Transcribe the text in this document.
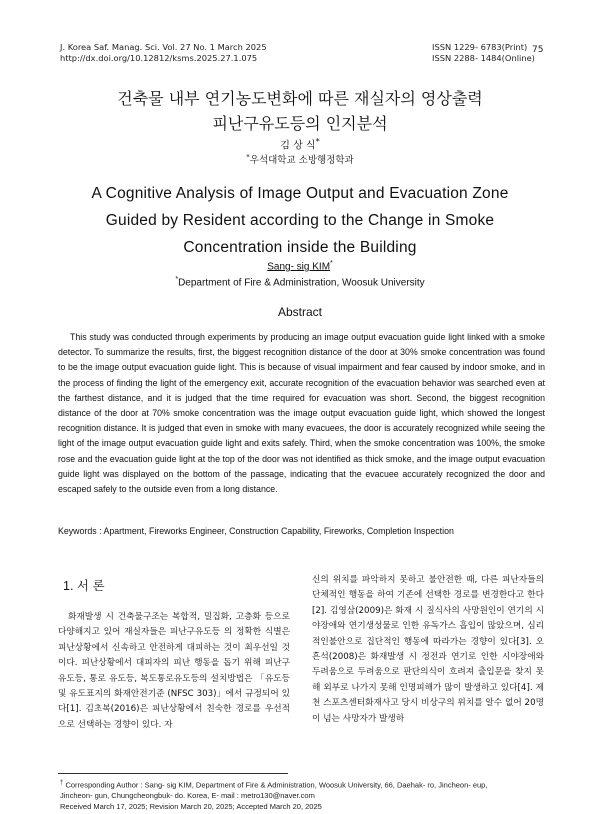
J. Korea Saf. Manag. Sci. Vol. 27 No. 1 March 2025
http://dx.doi.org/10.12812/ksms.2025.27.1.075
ISSN 1229- 6783(Print)
ISSN 2288- 1484(Online)
75
건축물 내부 연기농도변화에 따른 재실자의 영상출력
피난구유도등의 인지분석
김 상 식*
*우석대학교 소방행정학과
A Cognitive Analysis of Image Output and Evacuation Zone
Guided by Resident according to the Change in Smoke
Concentration inside the Building
Sang- sig KIM*
*Department of Fire & Administration, Woosuk University
Abstract

This study was conducted through experiments by producing an image output evacuation guide light linked with a smoke detector. To summarize the results, first, the biggest recognition distance of the door at 30% smoke concentration was found to be the image output evacuation guide light. This is because of visual impairment and fear caused by indoor smoke, and in the process of finding the light of the emergency exit, accurate recognition of the evacuation behavior was searched even at the farthest distance, and it is judged that the time required for evacuation was short. Second, the biggest recognition distance of the door at 70% smoke concentration was the image output evacuation guide light, which showed the longest recognition distance. It is judged that even in smoke with many evacuees, the door is accurately recognized while seeing the light of the image output evacuation guide light and exits safely. Third, when the smoke concentration was 100%, the smoke rose and the evacuation guide light at the top of the door was not identified as thick smoke, and the image output evacuation guide light was displayed on the bottom of the passage, indicating that the evacuee accurately recognized the door and escaped safely to the outside even from a long distance.

Keywords : Apartment, Fireworks Engineer, Construction Capability, Fireworks, Completion Inspection
1. 서 론

화재발생 시 건축물구조는 복합적, 밀집화, 고층화 등으로 다양해지고 있어 재실자들은 피난구유도등 의 정확한 식별은 피난상황에서 신속하고 안전하게 대피하는 것이 최우선일 것이다. 피난상황에서 대피자의 피난 행동을 돕기 위해 피난구 유도등, 통로 유도등, 복도통로유도등의 설치방법은 「유도등 및 유도표지의 화재안전기준 (NFSC 303)」에서 규정되어 있다[1]. 김초복(2016)은 피난상황에서 친숙한 경로를 우선적으로 선택하는 경향이 있다. 자

신의 위치를 파악하지 못하고 불안전한 때, 다른 피난자들의 단체적인 행동을 하여 기존에 선택한 경로를 변경한다고 한다[2]. 김영삼(2009)은 화재 시 질식사의 사망원인이 연기의 시야장애와 연기생성물로 인한 유독가스 흡입이 많았으며, 심리적인불안으로 집단적인 행동에 따라가는 경향이 있다[3]. 오흔석(2008)은 화재발생 시 정전과 연기로 인한 시야장애와 두려움으로 두려움으로 판단의식이 흐려져 출입문을 찾지 못해 외부로 나가지 못해 인명피해가 많이 발생하고 있다[4]. 제천 스포츠센터화재사고 당시 비상구의 위치를 알수 없어 20명이 넘는 사망자가 발생하

† Corresponding Author : Sang- sig KIM, Department of Fire & Administration, Woosuk University, 66, Daehak- ro, Jincheon- eup,
Jincheon- gun, Chungcheongbuk- do. Korea, E- mail : metro130@naver.com
Received March 17, 2025; Revision March 20, 2025; Accepted March 20, 2025
